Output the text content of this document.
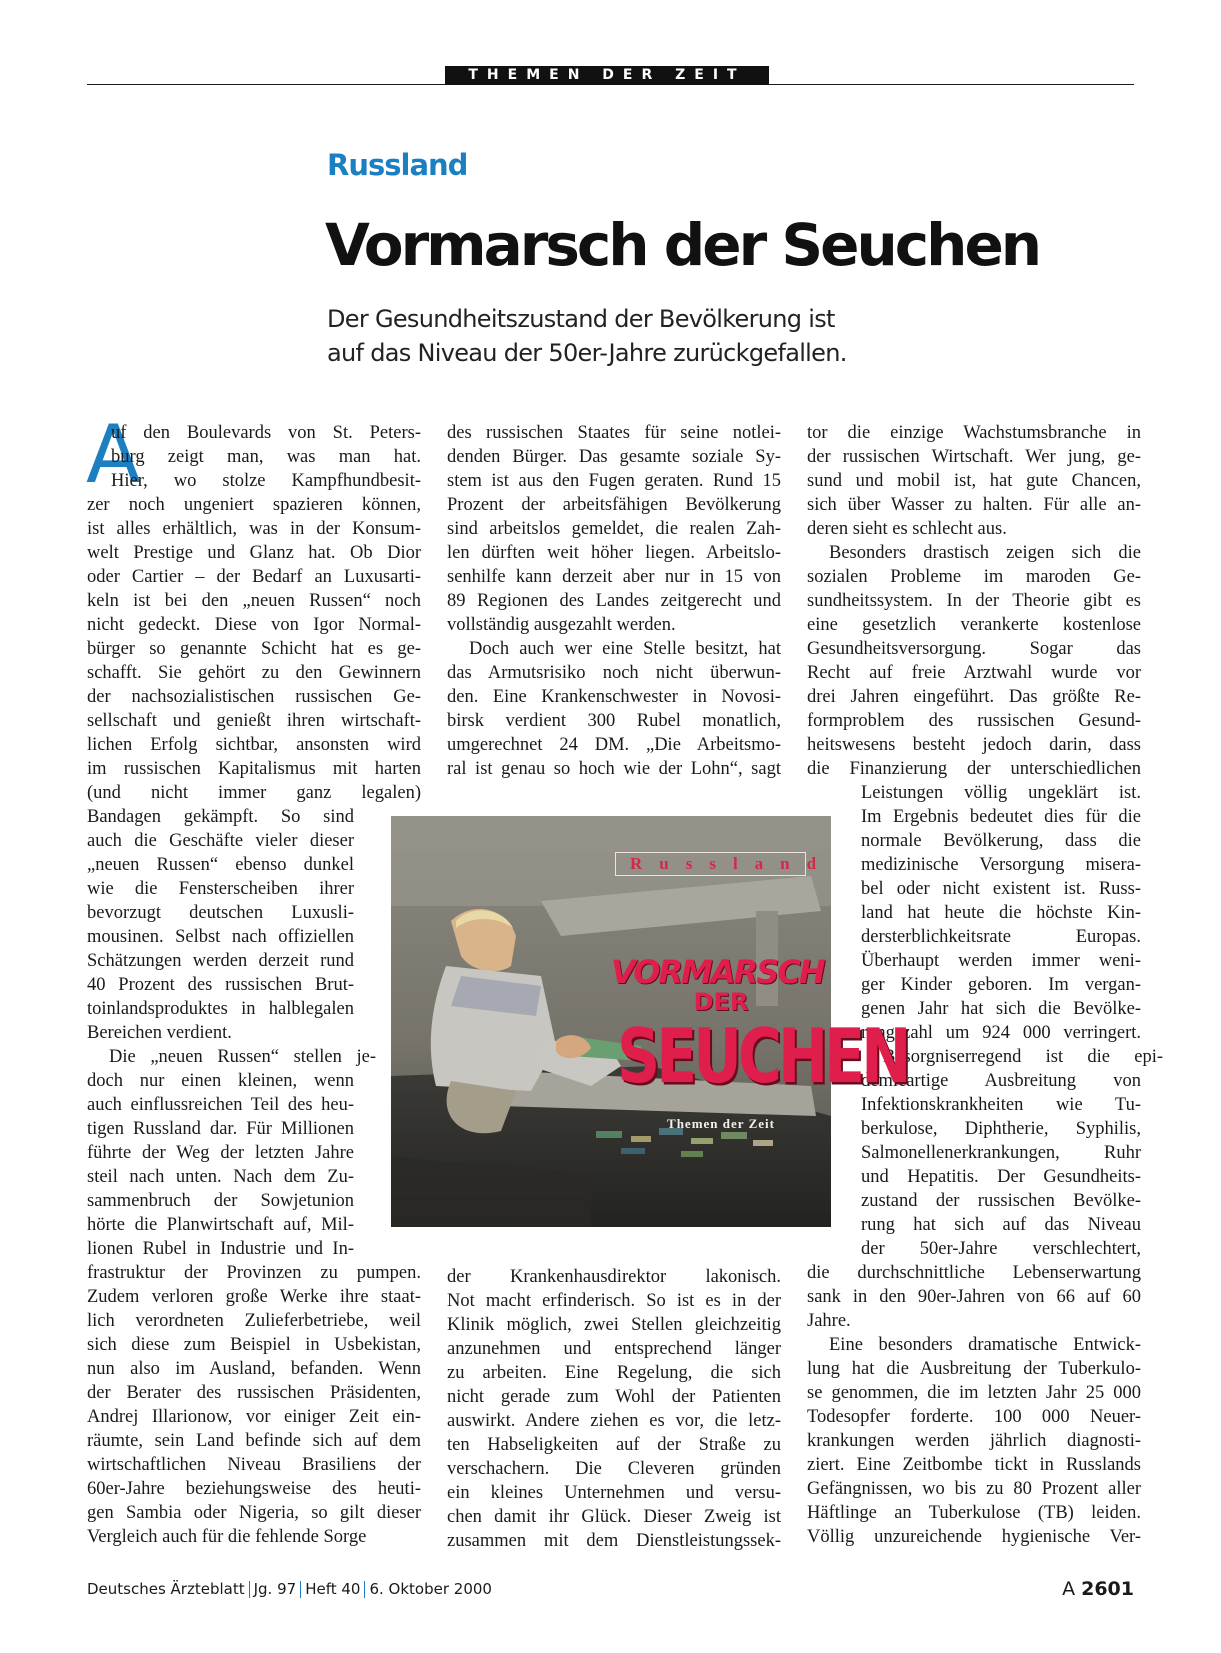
THEMEN DER ZEIT
Russland
Vormarsch der Seuchen

Der Gesundheitszustand der Bevölkerung ist

auf das Niveau der 50er-Jahre zurückgefallen.

A
uf den Boulevards von St. Peters-
burg zeigt man, was man hat.
Hier, wo stolze Kampfhundbesit-
zer noch ungeniert spazieren können,
ist alles erhältlich, was in der Konsum-
welt Prestige und Glanz hat. Ob Dior
oder Cartier – der Bedarf an Luxusarti-
keln ist bei den „neuen Russen“ noch
nicht gedeckt. Diese von Igor Normal-
bürger so genannte Schicht hat es ge-
schafft. Sie gehört zu den Gewinnern
der nachsozialistischen russischen Ge-
sellschaft und genießt ihren wirtschaft-
lichen Erfolg sichtbar, ansonsten wird
im russischen Kapitalismus mit harten
(und nicht immer ganz legalen)
Bandagen gekämpft. So sind
auch die Geschäfte vieler dieser
„neuen Russen“ ebenso dunkel
wie die Fensterscheiben ihrer
bevorzugt deutschen Luxusli-
mousinen. Selbst nach offiziellen
Schätzungen werden derzeit rund
40 Prozent des russischen Brut-
toinlandsproduktes in halblegalen
Bereichen verdient.
Die „neuen Russen“ stellen je-
doch nur einen kleinen, wenn
auch einflussreichen Teil des heu-
tigen Russland dar. Für Millionen
führte der Weg der letzten Jahre
steil nach unten. Nach dem Zu-
sammenbruch der Sowjetunion
hörte die Planwirtschaft auf, Mil-
lionen Rubel in Industrie und In-
frastruktur der Provinzen zu pumpen.
Zudem verloren große Werke ihre staat-
lich verordneten Zulieferbetriebe, weil
sich diese zum Beispiel in Usbekistan,
nun also im Ausland, befanden. Wenn
der Berater des russischen Präsidenten,
Andrej Illarionow, vor einiger Zeit ein-
räumte, sein Land befinde sich auf dem
wirtschaftlichen Niveau Brasiliens der
60er-Jahre beziehungsweise des heuti-
gen Sambia oder Nigeria, so gilt dieser
Vergleich auch für die fehlende Sorge
des russischen Staates für seine notlei-
denden Bürger. Das gesamte soziale Sy-
stem ist aus den Fugen geraten. Rund 15
Prozent der arbeitsfähigen Bevölkerung
sind arbeitslos gemeldet, die realen Zah-
len dürften weit höher liegen. Arbeitslo-
senhilfe kann derzeit aber nur in 15 von
89 Regionen des Landes zeitgerecht und
vollständig ausgezahlt werden.
Doch auch wer eine Stelle besitzt, hat
das Armutsrisiko noch nicht überwun-
den. Eine Krankenschwester in Novosi-
birsk verdient 300 Rubel monatlich,
umgerechnet 24 DM. „Die Arbeitsmo-
ral ist genau so hoch wie der Lohn“, sagt
der Krankenhausdirektor lakonisch.
Not macht erfinderisch. So ist es in der
Klinik möglich, zwei Stellen gleichzeitig
anzunehmen und entsprechend länger
zu arbeiten. Eine Regelung, die sich
nicht gerade zum Wohl der Patienten
auswirkt. Andere ziehen es vor, die letz-
ten Habseligkeiten auf der Straße zu
verschachern. Die Cleveren gründen
ein kleines Unternehmen und versu-
chen damit ihr Glück. Dieser Zweig ist
zusammen mit dem Dienstleistungssek-
tor die einzige Wachstumsbranche in
der russischen Wirtschaft. Wer jung, ge-
sund und mobil ist, hat gute Chancen,
sich über Wasser zu halten. Für alle an-
deren sieht es schlecht aus.
Besonders drastisch zeigen sich die
sozialen Probleme im maroden Ge-
sundheitssystem. In der Theorie gibt es
eine gesetzlich verankerte kostenlose
Gesundheitsversorgung. Sogar das
Recht auf freie Arztwahl wurde vor
drei Jahren eingeführt. Das größte Re-
formproblem des russischen Gesund-
heitswesens besteht jedoch darin, dass
die Finanzierung der unterschiedlichen
Leistungen völlig ungeklärt ist.
Im Ergebnis bedeutet dies für die
normale Bevölkerung, dass die
medizinische Versorgung misera-
bel oder nicht existent ist. Russ-
land hat heute die höchste Kin-
dersterblichkeitsrate Europas.
Überhaupt werden immer weni-
ger Kinder geboren. Im vergan-
genen Jahr hat sich die Bevölke-
rungszahl um 924 000 verringert.
Besorgniserregend ist die epi-
demieartige Ausbreitung von
Infektionskrankheiten wie Tu-
berkulose, Diphtherie, Syphilis,
Salmonellenerkrankungen, Ruhr
und Hepatitis. Der Gesundheits-
zustand der russischen Bevölke-
rung hat sich auf das Niveau
der 50er-Jahre verschlechtert,
die durchschnittliche Lebenserwartung
sank in den 90er-Jahren von 66 auf 60
Jahre.
Eine besonders dramatische Entwick-
lung hat die Ausbreitung der Tuberkulo-
se genommen, die im letzten Jahr 25 000
Todesopfer forderte. 100 000 Neuer-
krankungen werden jährlich diagnosti-
ziert. Eine Zeitbombe tickt in Russlands
Gefängnissen, wo bis zu 80 Prozent aller
Häftlinge an Tuberkulose (TB) leiden.
Völlig unzureichende hygienische Ver-
Russland
VORMARSCH
DER
SEUCHEN
Themen der Zeit
Deutsches Ärzteblatt Jg. 97 Heft 40 6. Oktober 2000	A 2601
